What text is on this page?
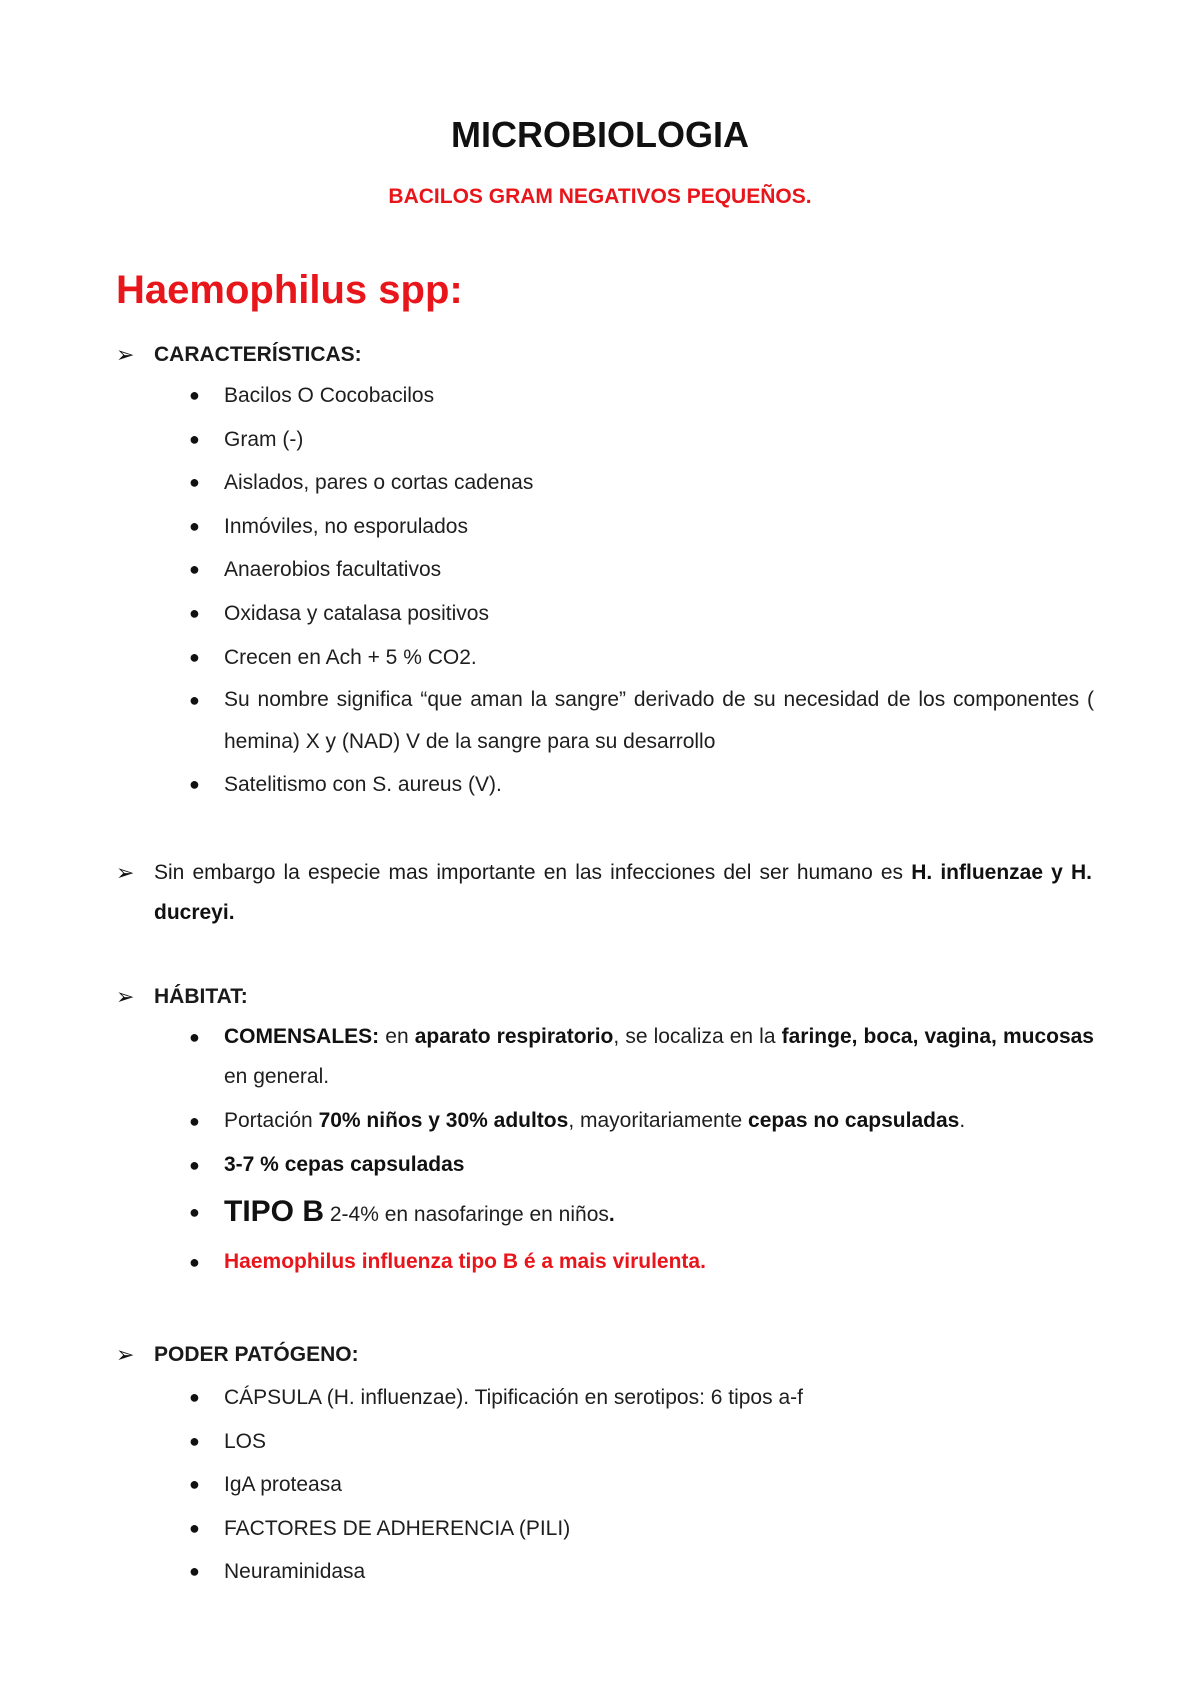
MICROBIOLOGIA
BACILOS GRAM NEGATIVOS PEQUEÑOS.
Haemophilus spp:
➢ CARACTERÍSTICAS:
● Bacilos O Cocobacilos
● Gram (-)
● Aislados, pares o cortas cadenas
● Inmóviles, no esporulados
● Anaerobios facultativos
● Oxidasa y catalasa positivos
● Crecen en Ach + 5 % CO2.
● Su nombre significa “que aman la sangre” derivado de su necesidad de los componentes ( hemina) X y (NAD) V de la sangre para su desarrollo
● Satelitismo con S. aureus (V).
➢ Sin embargo la especie mas importante en las infecciones del ser humano es H. influenzae y H. ducreyi.
➢ HÁBITAT:
● COMENSALES: en aparato respiratorio, se localiza en la faringe, boca, vagina, mucosas en general.
● Portación 70% niños y 30% adultos, mayoritariamente cepas no capsuladas.
● 3-7 % cepas capsuladas
● TIPO B 2-4% en nasofaringe en niños.
● Haemophilus influenza tipo B é a mais virulenta.
➢ PODER PATÓGENO:
● CÁPSULA (H. influenzae). Tipificación en serotipos: 6 tipos a-f
● LOS
● IgA proteasa
● FACTORES DE ADHERENCIA (PILI)
● Neuraminidasa
